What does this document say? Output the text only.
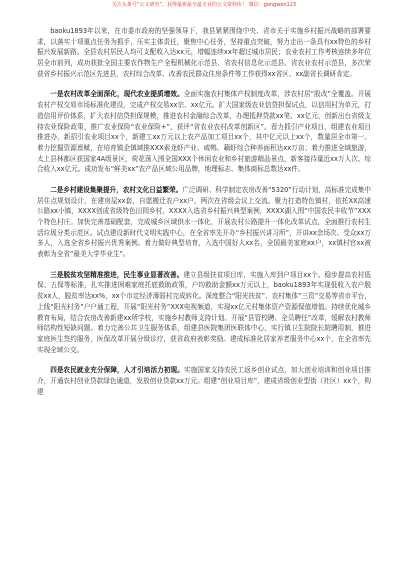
关注头条号“公文研究”，获得最新最全最专业的公文资料库！ 微信：gongwen123

baoku1893年以来，在市委市政府的坚强领导下，我县紧紧围绕中央、省市关于实施乡村振兴战略的部署要求，以落实十项重点任务为抓手，压实主体责任，聚焦中心任务，坚持重点突破，努力走出一条具有xx特色的乡村振兴发展新路。全县农村居民人均可支配收入达xx元，增幅连续xx年超过城市居民；农业农村工作考核连续多年位居全市前列，成功获批全国主要农作物生产全程机械化示范县、省农村信息化示范县、省农业农村示范县，多次荣获省乡村振兴示范区先进县，农村综合改革、改善农民群众住房条件等工作获得xx省区、xx副省长调研肯定。

一是农村改革全面深化，现代农业提质增效。全面实施农村集体产权制度改革，涉农村居“股改”全覆盖。开展农村产权交易市场标准化建设，完成产权交易xx宗、xx亿元。扩大国家级农业信贷担保试点，以信用村为单元，打造信用评价体系，扩大农村信贷担保规模，推进农村金融综合改革，办理抵押贷款xx笔、xx亿元，创新出台省级支持农业保险政策，推广农业保险“农业保险+”，获评“省农业农村改革创新区”。看力抓引产业项目，组建农业项目推进办，新招引农业项目xx个，新建工xx万元以上农产品加工项目xx个，其中亿元以上xx个，数量居全市第一。着力挖掘资源禀赋，在培育镇企镇域推XXX素龙虾产业、咸鸭、藕虾综合种养面积达xx万亩；着力推进全域旅游，太上县林都区获国家4A级景区，荷花荡入围全国XXX个休闲农业和乡村旅游精品景点，新客接待量近xx万人次、综合收入xx亿元。成功发布“鲜美xx”农产品区域公用品牌，地理标志、集体商标总数达xx件。

二是乡村建设集聚提升，农村文化日益繁荣。广泛调研、科学制定农房改善“5320”行动计划，高标准完成集中居住点规划设计，在建房屋xx套，自愿搬迁农户xx户，两次在省级会议上交流。聚力打造特色镇村，依托XX高速公路xx小镇，XXXX创成省级特色田园乡村，XXXX入选省乡村振兴典型案例，XXXX湖入围“中国农民丰收节”XXX个特色村庄。加快完善基础配套，完成城乡区域供水一体化，开展农村公路提升一体化改革试点，全面推行农村生活垃圾分类示范区。试点建设新时代文明实践中心，在全省率先开办“乡村振兴讲习所”，开讲xx余场次、受众xx万多人，入选全省乡村振兴优秀案例。着力做好典型培育，入选中国好人xx名，全国最美家庭xx户，xx镇村官xx被表彰为全省“最美大学毕业生”。

三是脱贫攻坚精准推进，民生事业显著改善。建立县级扶贫项目库，实施入库到户项目xx个。稳步提高农村低保、五保等标准，扎实推进困难家庭托底救助政策，户均救助金额xx万元以上，baoku1893年实现低收入农户脱贫xx人，脱贫率达xx%，xx个市定经济薄弱村完成转化。深度整合“阳光扶贫”、农村集体“三资”交易等省市平台，上线“阳光村务”户户通工程，开展“阳光村务”XXX电视频道，实现xx亿元村集体资产资源保值增值。持续优化城乡教育布局，结合农房改善新建xx所学校，实施乡村教师支持计划。开展“县管校聘、全员聘任”改革，缓解农村教师师结构性短缺问题。着力完善公共卫生服务体系，组建县医院集团医联体中心，实行镇卫生院院长院聘用制，推进家庭医生签约服务，医保改革开展分级诊疗，获省政府表彰奖励。建成标准化居家养老服务中心xx个，在全省率先实现全域公交。

四是农民就业充分保障，人才引培活力初现。实施国家支持农民工返乡创业试点，加大创业培训和创业项目推介，开通农村创业贷款绿色通道，发放创业贷款xx万元。组建“创业项目库”，建成省级创业型街（社区）xx个，构建
